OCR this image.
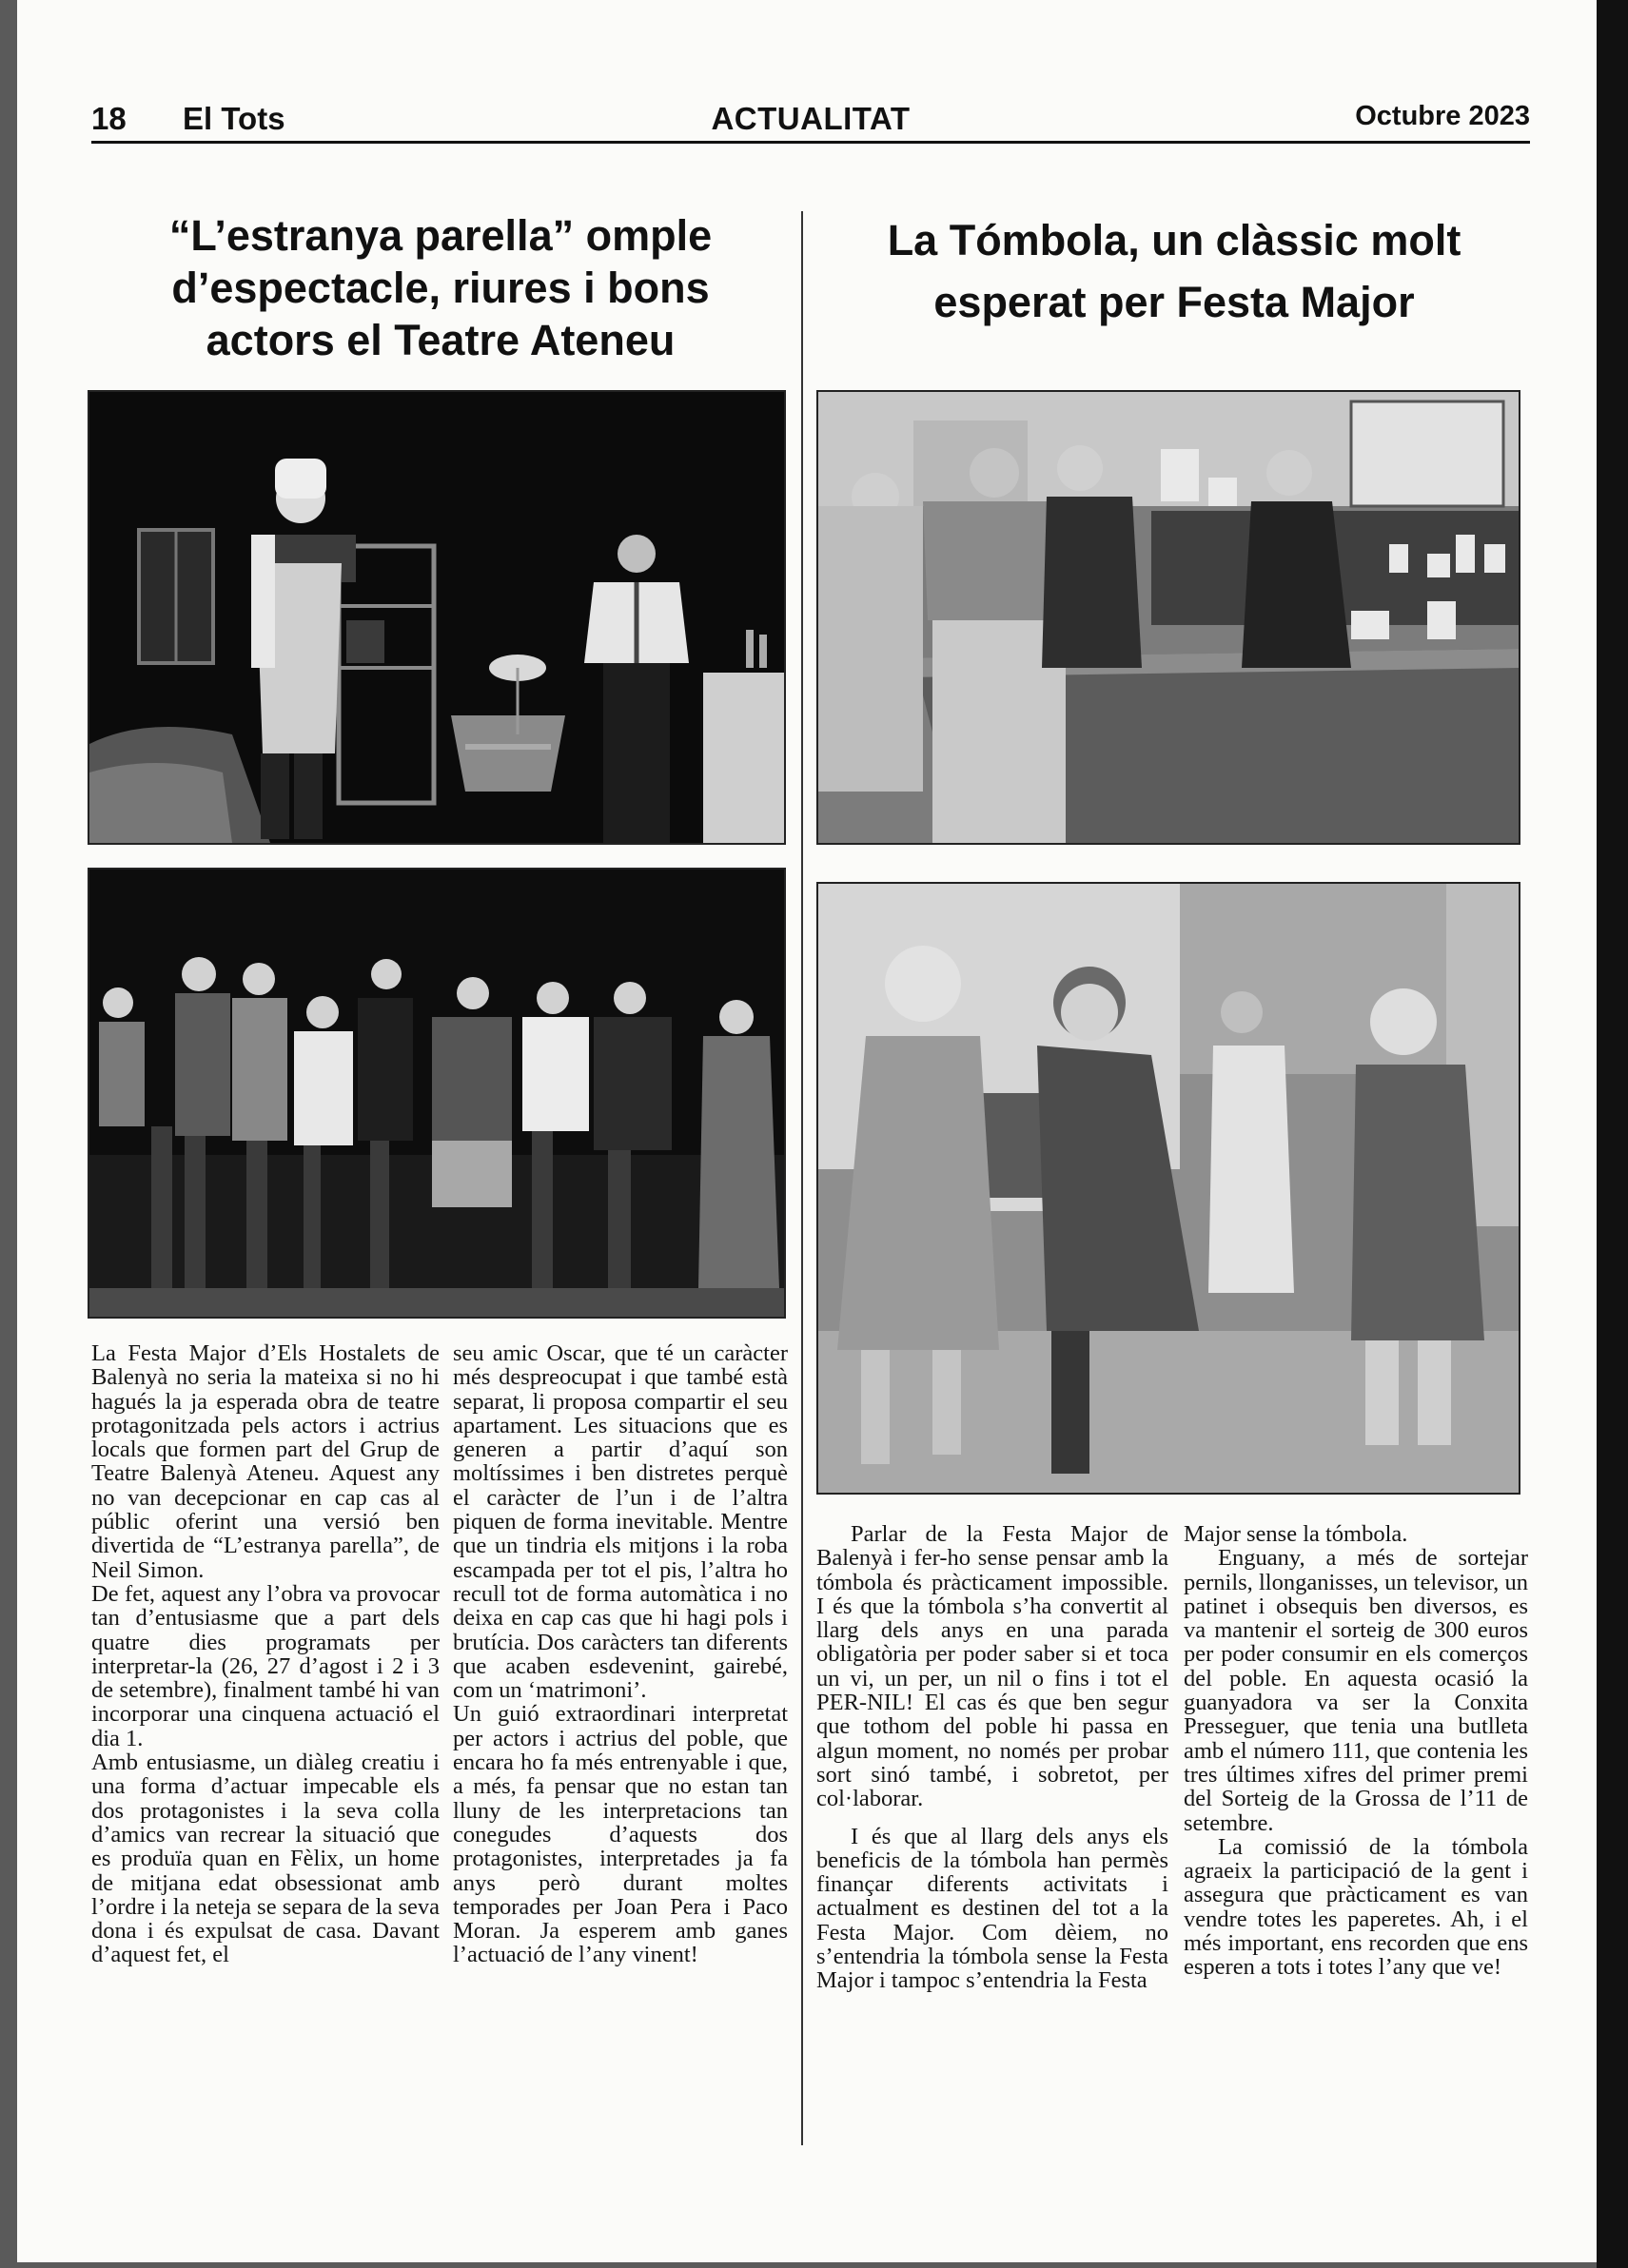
18 El Tots	ACTUALITAT	Octubre 2023
“L’estranya parella” omple
d’espectacle, riures i bons
actors el Teatre Ateneu
La Tómbola, un clàssic molt
esperat per Festa Major

La Festa Major d’Els Hostalets de Balenyà no seria la mateixa si no hi hagués la ja esperada obra de teatre protagonitzada pels actors i actrius locals que formen part del Grup de Teatre Balenyà Ateneu. Aquest any no van decepcionar en cap cas al públic oferint una versió ben divertida de “L’estranya parella”, de Neil Simon.

De fet, aquest any l’obra va provocar tan d’entusiasme que a part dels quatre dies programats per interpretar-la (26, 27 d’agost i 2 i 3 de setembre), finalment també hi van incorporar una cinquena actuació el dia 1.

Amb entusiasme, un diàleg creatiu i una forma d’actuar impecable els dos protagonistes i la seva colla d’amics van recrear la situació que es produïa quan en Fèlix, un home de mitjana edat obsessionat amb l’ordre i la neteja se separa de la seva dona i és expulsat de casa. Davant d’aquest fet, el

seu amic Oscar, que té un caràcter més despreocupat i que també està separat, li proposa compartir el seu apartament. Les situacions que es generen a partir d’aquí son moltíssimes i ben distretes perquè el caràcter de l’un i de l’altra piquen de forma inevitable. Mentre que un tindria els mitjons i la roba escampada per tot el pis, l’altra ho recull tot de forma automàtica i no deixa en cap cas que hi hagi pols i brutícia. Dos caràcters tan diferents que acaben esdevenint, gairebé, com un ‘matrimoni’.

Un guió extraordinari interpretat per actors i actrius del poble, que encara ho fa més entrenyable i que, a més, fa pensar que no estan tan lluny de les interpretacions tan conegudes d’aquests dos protagonistes, interpretades ja fa anys però durant moltes temporades per Joan Pera i Paco Moran. Ja esperem amb ganes l’actuació de l’any vinent!

Parlar de la Festa Major de Balenyà i fer-ho sense pensar amb la tómbola és pràcticament impossible. I és que la tómbola s’ha convertit al llarg dels anys en una parada obligatòria per poder saber si et toca un vi, un per, un nil o fins i tot el PER-NIL! El cas és que ben segur que tothom del poble hi passa en algun moment, no només per probar sort sinó també, i sobretot, per col·laborar.

I és que al llarg dels anys els beneficis de la tómbola han permès finançar diferents activitats i actualment es destinen del tot a la Festa Major. Com dèiem, no s’entendria la tómbola sense la Festa Major i tampoc s’entendria la Festa

Major sense la tómbola.

Enguany, a més de sortejar pernils, llonganisses, un televisor, un patinet i obsequis ben diversos, es va mantenir el sorteig de 300 euros per poder consumir en els comerços del poble. En aquesta ocasió la guanyadora va ser la Conxita Presseguer, que tenia una butlleta amb el número 111, que contenia les tres últimes xifres del primer premi del Sorteig de la Grossa de l’11 de setembre.

La comissió de la tómbola agraeix la participació de la gent i assegura que pràcticament es van vendre totes les paperetes. Ah, i el més important, ens recorden que ens esperen a tots i totes l’any que ve!
